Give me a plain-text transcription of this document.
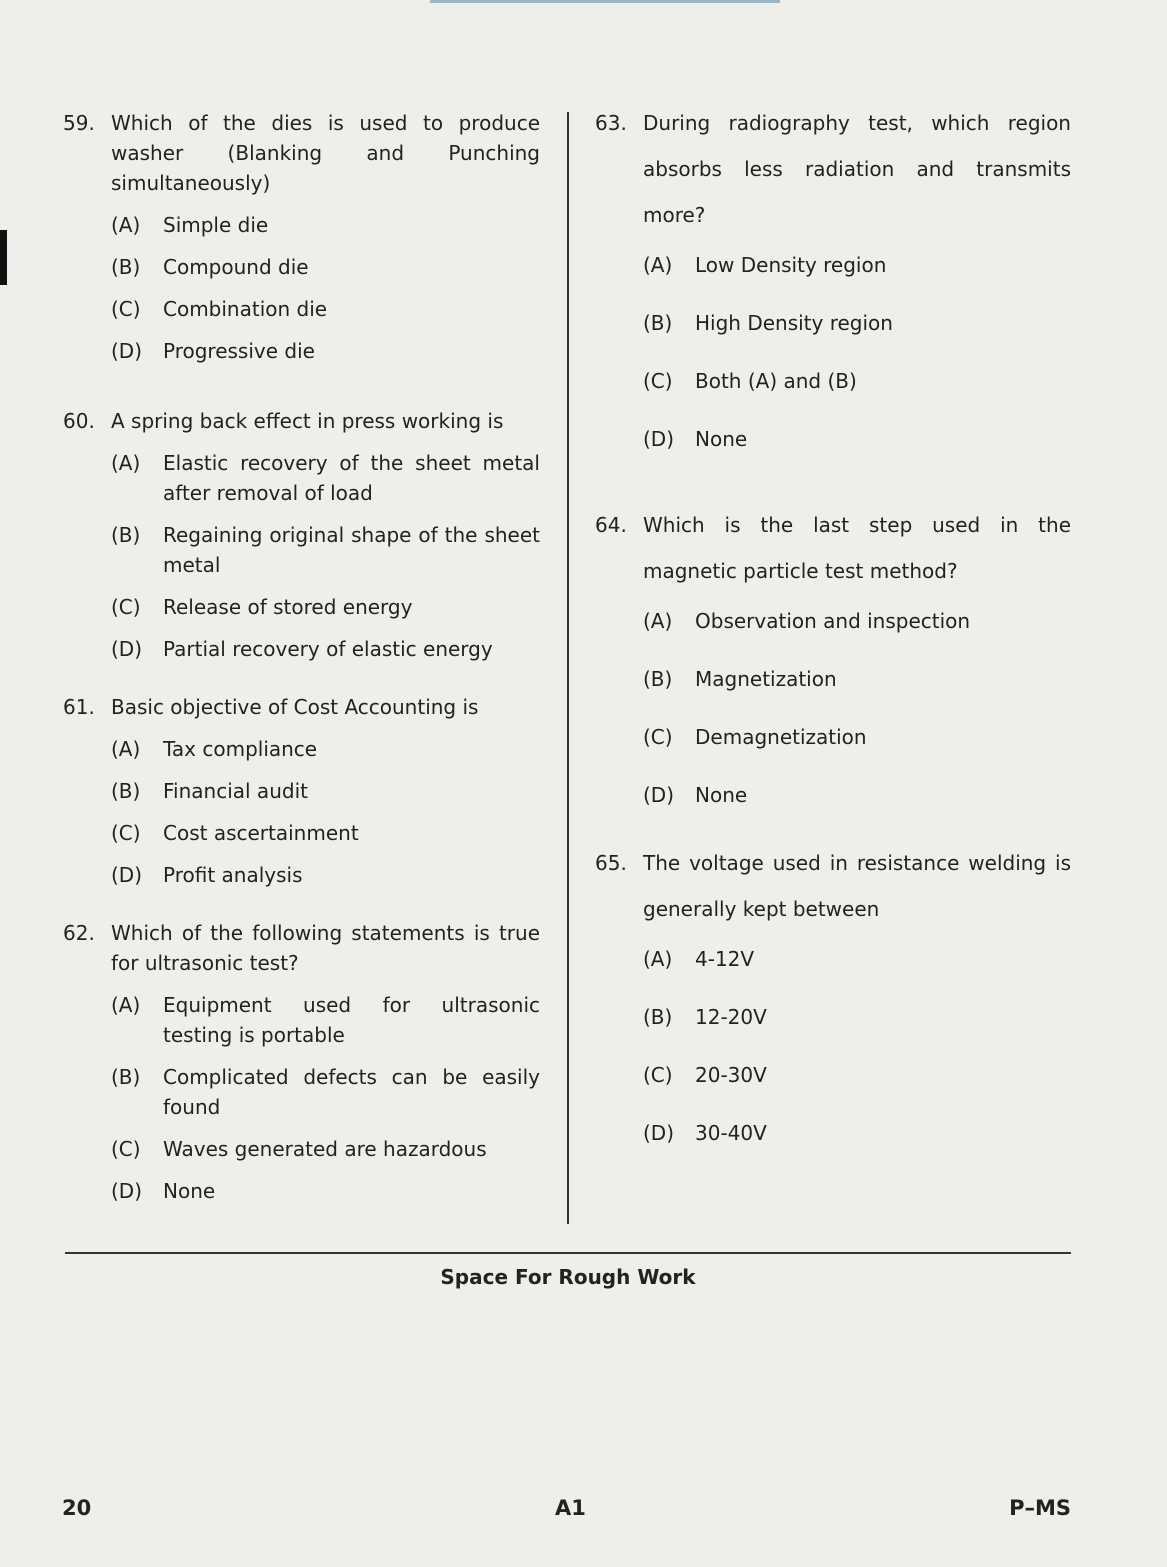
59. Which of the dies is used to produce washer (Blanking and Punching simultaneously)
(A)	Simple die
(B)	Compound die
(C)	Combination die
(D)	Progressive die
60. A spring back effect in press working is
(A)	Elastic recovery of the sheet metal after removal of load
(B)	Regaining original shape of the sheet metal
(C)	Release of stored energy
(D)	Partial recovery of elastic energy
61. Basic objective of Cost Accounting is
(A)	Tax compliance
(B)	Financial audit
(C)	Cost ascertainment
(D)	Profit analysis
62. Which of the following statements is true for ultrasonic test?
(A)	Equipment used for ultrasonic testing is portable
(B)	Complicated defects can be easily found
(C)	Waves generated are hazardous
(D)	None
63. During radiography test, which region absorbs less radiation and transmits more?
(A)	Low Density region
(B)	High Density region
(C)	Both (A) and (B)
(D)	None
64. Which is the last step used in the magnetic particle test method?
(A)	Observation and inspection
(B)	Magnetization
(C)	Demagnetization
(D)	None
65. The voltage used in resistance welding is generally kept between
(A)	4-12V
(B)	12-20V
(C)	20-30V
(D)	30-40V
Space For Rough Work
20	A1	P–MS
